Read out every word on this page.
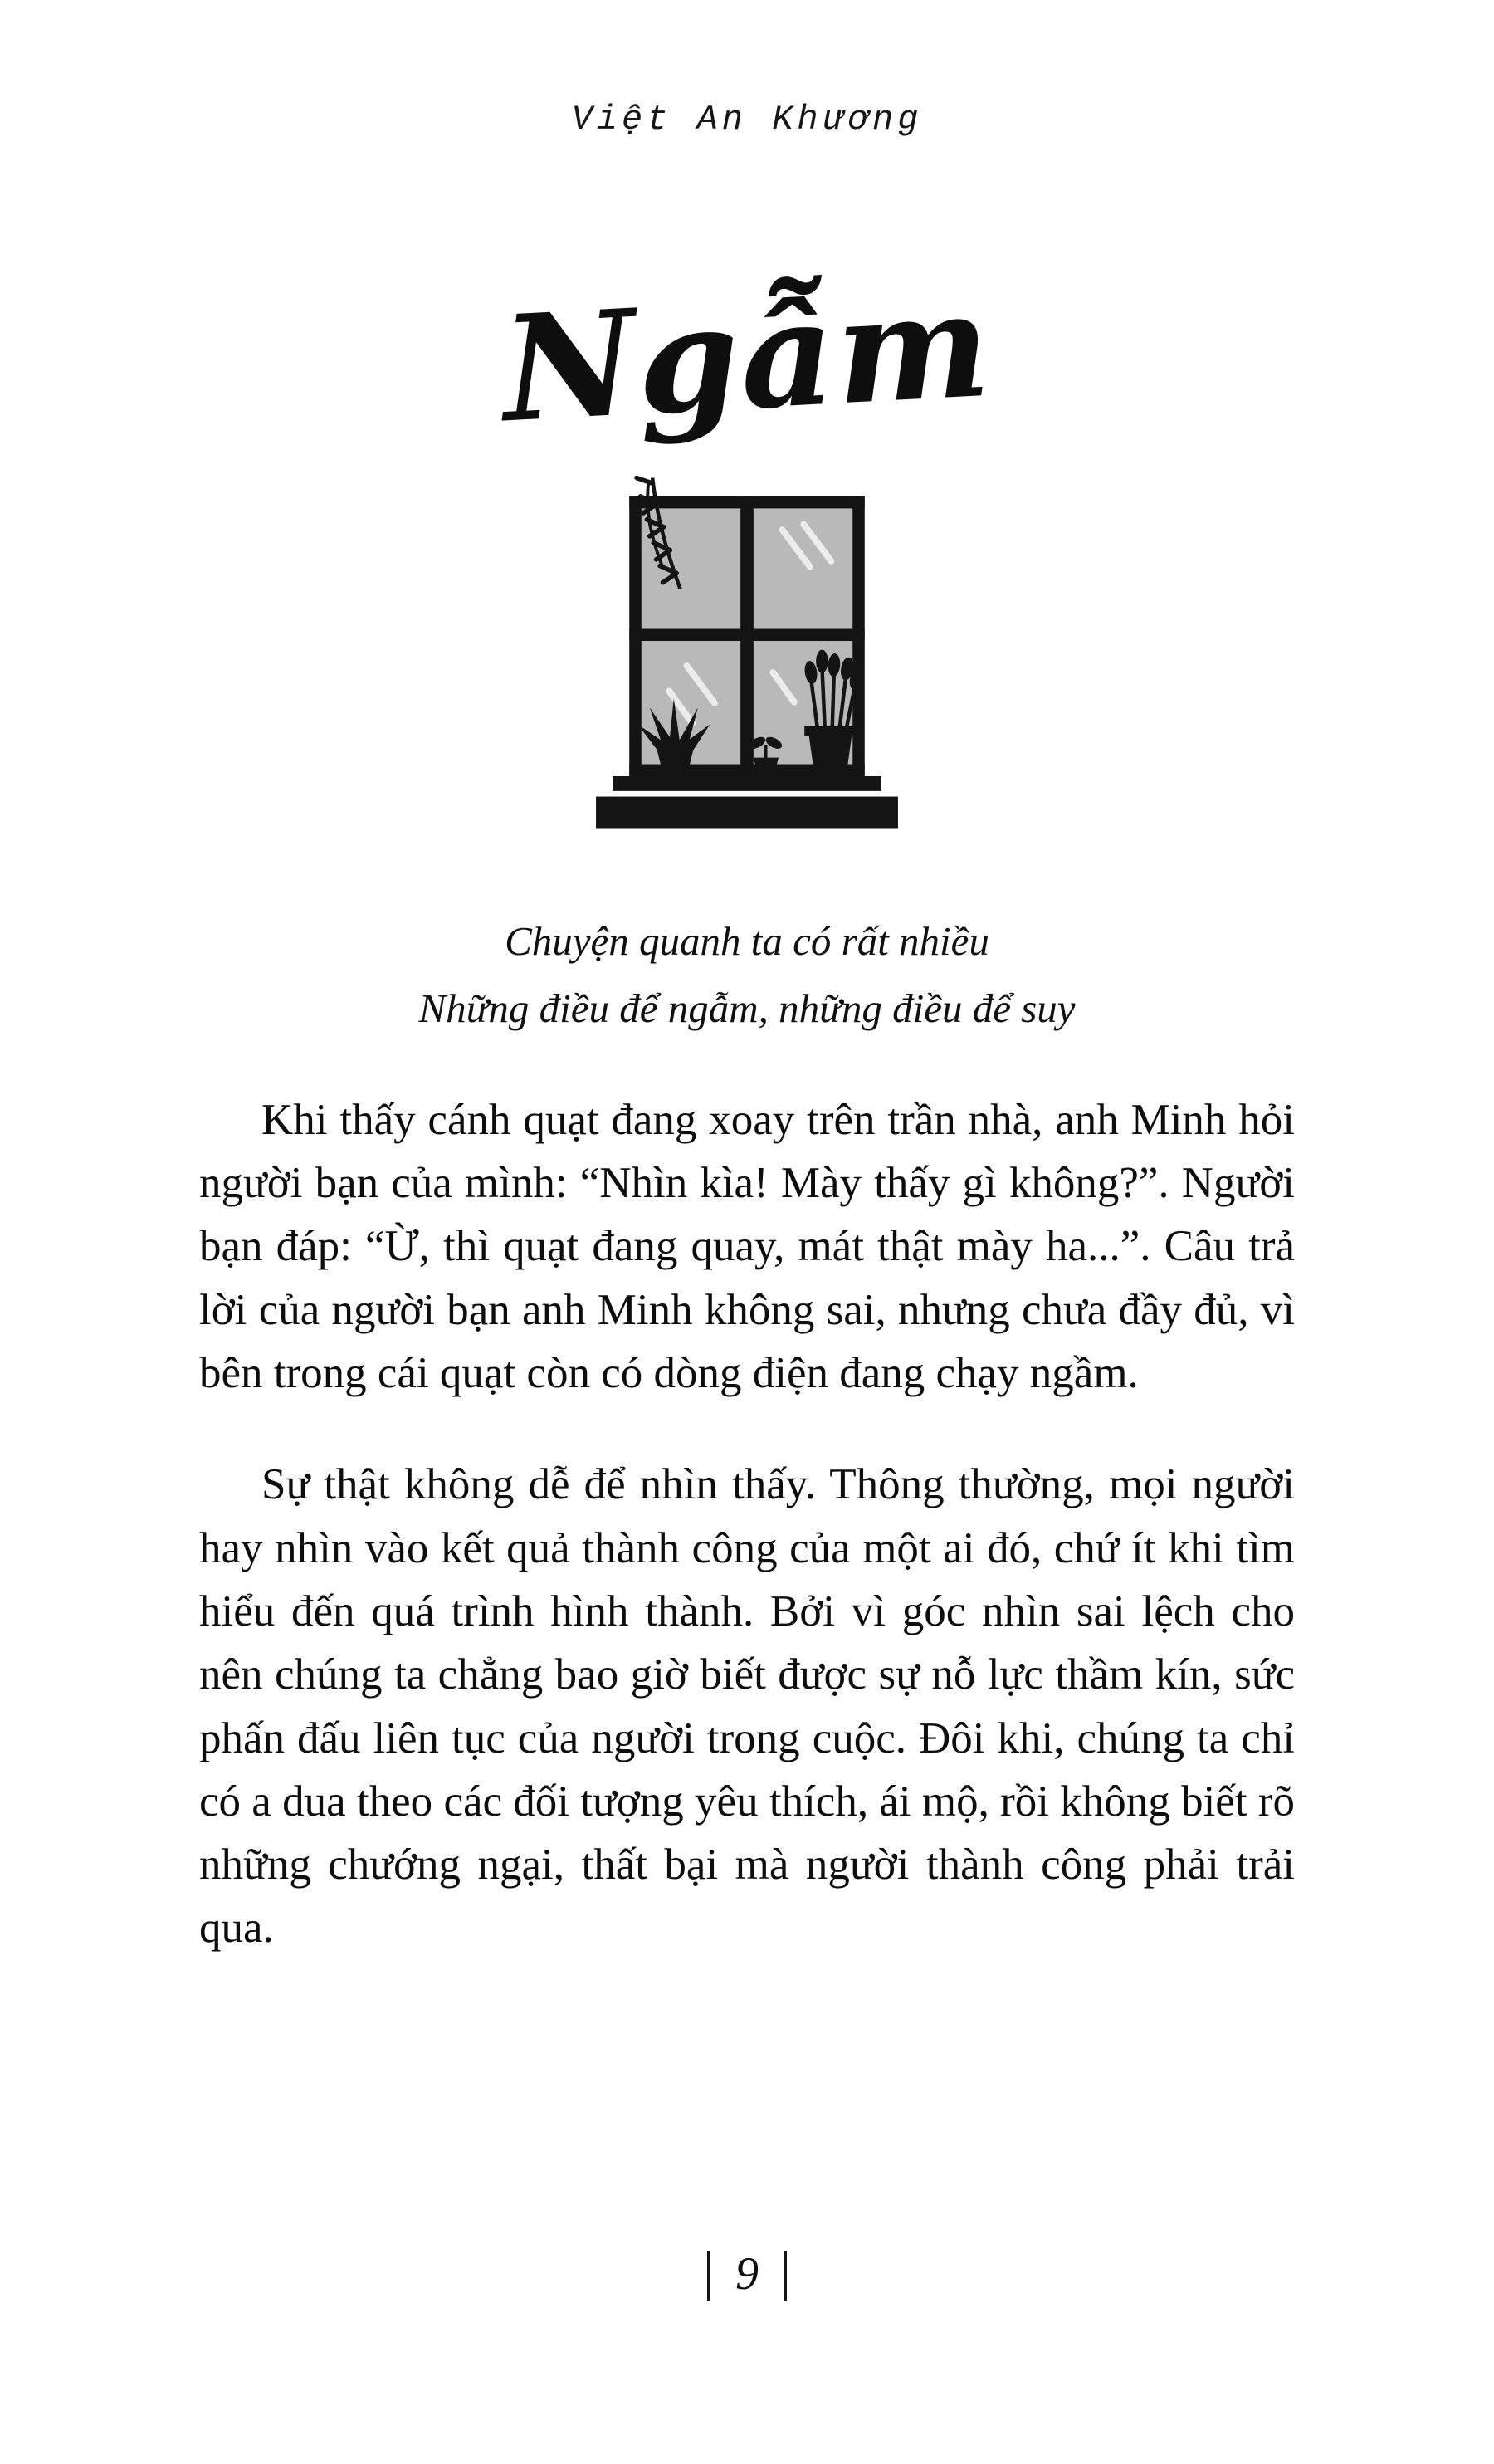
Việt An Khương
Ngẫm
Chuyện quanh ta có rất nhiều
Những điều để ngẫm, những điều để suy

Khi thấy cánh quạt đang xoay trên trần nhà, anh Minh hỏi người bạn của mình: “Nhìn kìa! Mày thấy gì không?”. Người bạn đáp: “Ừ, thì quạt đang quay, mát thật mày ha...”. Câu trả lời của người bạn anh Minh không sai, nhưng chưa đầy đủ, vì bên trong cái quạt còn có dòng điện đang chạy ngầm.

Sự thật không dễ để nhìn thấy. Thông thường, mọi người hay nhìn vào kết quả thành công của một ai đó, chứ ít khi tìm hiểu đến quá trình hình thành. Bởi vì góc nhìn sai lệch cho nên chúng ta chẳng bao giờ biết được sự nỗ lực thầm kín, sức phấn đấu liên tục của người trong cuộc. Đôi khi, chúng ta chỉ có a dua theo các đối tượng yêu thích, ái mộ, rồi không biết rõ những chướng ngại, thất bại mà người thành công phải trải qua.

9
